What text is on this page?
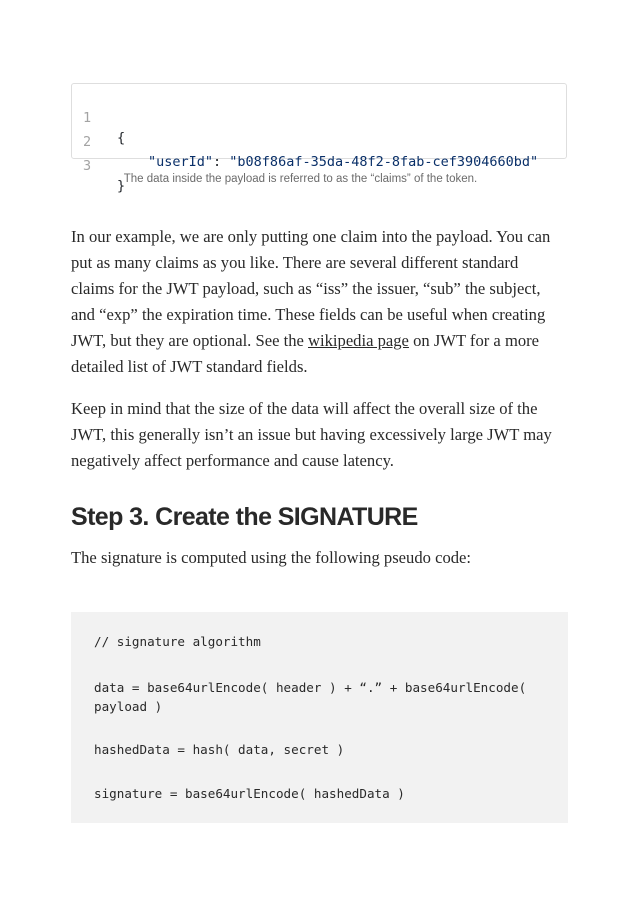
1

{

2

"userId": "b08f86af-35da-48f2-8fab-cef3904660bd"

3

}

The data inside the payload is referred to as the “claims” of the token.
In our example, we are only putting one claim into the payload. You can
put as many claims as you like. There are several different standard
claims for the JWT payload, such as “iss” the issuer, “sub” the subject,
and “exp” the expiration time. These fields can be useful when creating
JWT, but they are optional. See the wikipedia page on JWT for a more
detailed list of JWT standard fields.
Keep in mind that the size of the data will affect the overall size of the
JWT, this generally isn’t an issue but having excessively large JWT may
negatively affect performance and cause latency.
Step 3. Create the SIGNATURE
The signature is computed using the following pseudo code:
// signature algorithm
data = base64urlEncode( header ) + “.” + base64urlEncode(
payload )
hashedData = hash( data, secret )
signature = base64urlEncode( hashedData )
